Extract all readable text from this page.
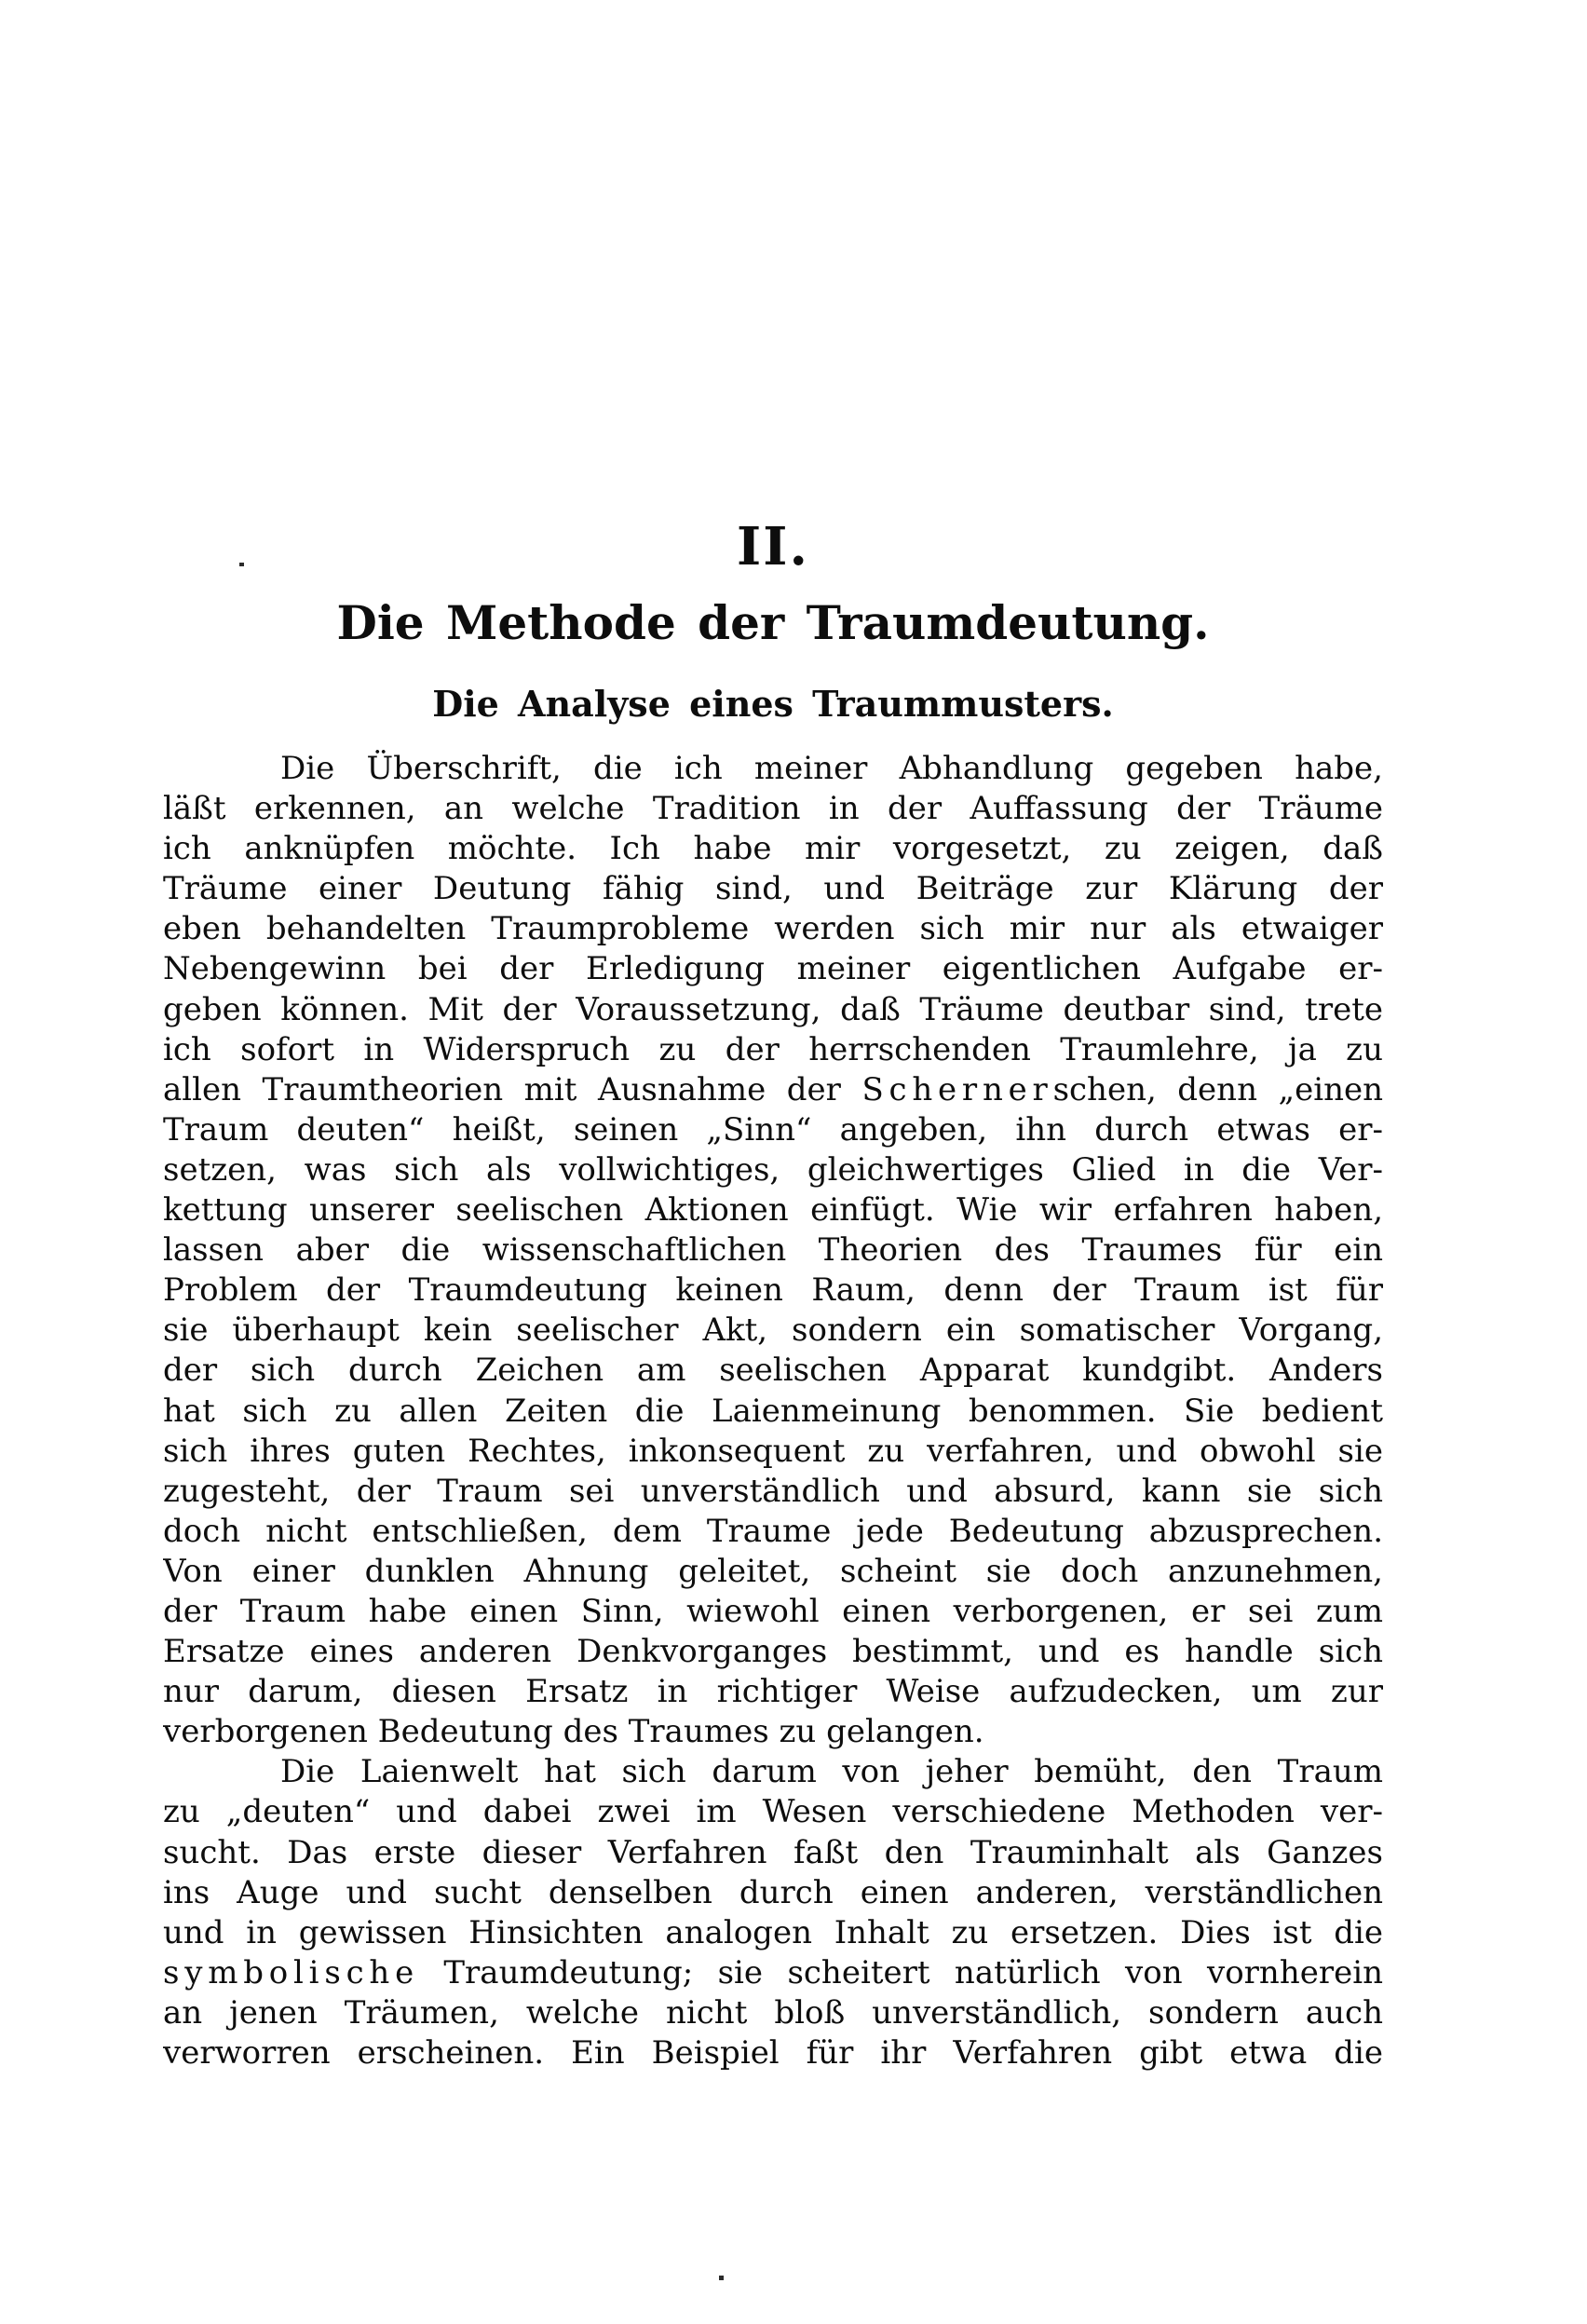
II.
Die Methode der Traumdeutung.
Die Analyse eines Traummusters.
Die Überschrift, die ich meiner Abhandlung gegeben habe,
läßt erkennen, an welche Tradition in der Auffassung der Träume
ich anknüpfen möchte. Ich habe mir vorgesetzt, zu zeigen, daß
Träume einer Deutung fähig sind, und Beiträge zur Klärung der
eben behandelten Traumprobleme werden sich mir nur als etwaiger
Nebengewinn bei der Erledigung meiner eigentlichen Aufgabe er-
geben können. Mit der Voraussetzung, daß Träume deutbar sind, trete
ich sofort in Widerspruch zu der herrschenden Traumlehre, ja zu
allen Traumtheorien mit Ausnahme der Schernerschen, denn „einen
Traum deuten“ heißt, seinen „Sinn“ angeben, ihn durch etwas er-
setzen, was sich als vollwichtiges, gleichwertiges Glied in die Ver-
kettung unserer seelischen Aktionen einfügt. Wie wir erfahren haben,
lassen aber die wissenschaftlichen Theorien des Traumes für ein
Problem der Traumdeutung keinen Raum, denn der Traum ist für
sie überhaupt kein seelischer Akt, sondern ein somatischer Vorgang,
der sich durch Zeichen am seelischen Apparat kundgibt. Anders
hat sich zu allen Zeiten die Laienmeinung benommen. Sie bedient
sich ihres guten Rechtes, inkonsequent zu verfahren, und obwohl sie
zugesteht, der Traum sei unverständlich und absurd, kann sie sich
doch nicht entschließen, dem Traume jede Bedeutung abzusprechen.
Von einer dunklen Ahnung geleitet, scheint sie doch anzunehmen,
der Traum habe einen Sinn, wiewohl einen verborgenen, er sei zum
Ersatze eines anderen Denkvorganges bestimmt, und es handle sich
nur darum, diesen Ersatz in richtiger Weise aufzudecken, um zur
verborgenen Bedeutung des Traumes zu gelangen.
Die Laienwelt hat sich darum von jeher bemüht, den Traum
zu „deuten“ und dabei zwei im Wesen verschiedene Methoden ver-
sucht. Das erste dieser Verfahren faßt den Trauminhalt als Ganzes
ins Auge und sucht denselben durch einen anderen, verständlichen
und in gewissen Hinsichten analogen Inhalt zu ersetzen. Dies ist die
symbolische Traumdeutung; sie scheitert natürlich von vornherein
an jenen Träumen, welche nicht bloß unverständlich, sondern auch
verworren erscheinen. Ein Beispiel für ihr Verfahren gibt etwa die
